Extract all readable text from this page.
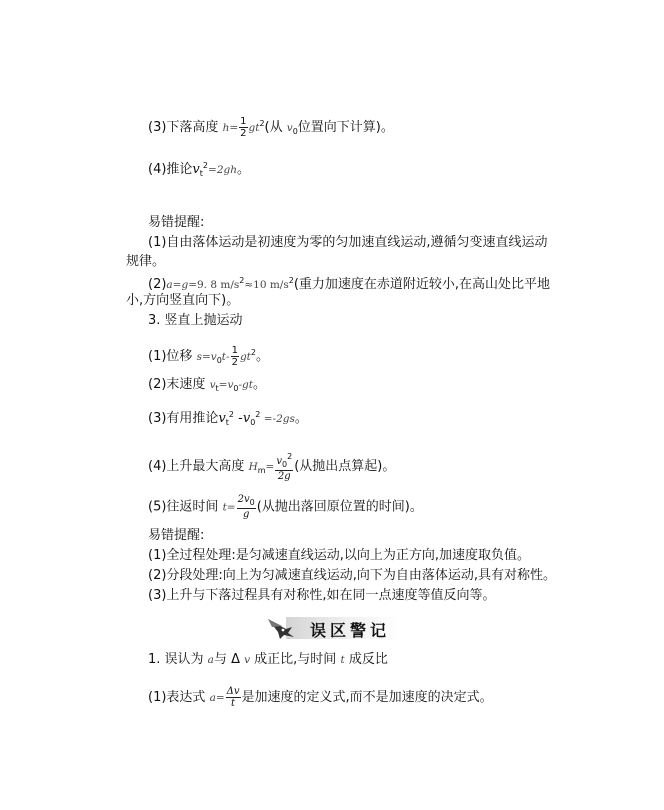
(3)下落高度 $h= \frac{1}{2} gt^2$(从 $v_0$位置向下计算)。
(4)推论$v_t^2=2gh$。
易错提醒:
(1)自由落体运动是初速度为零的匀加速直线运动,遵循匀变速直线运动
规律。
(2)a=g=9. 8 $m/s^2\approx 10$ $m/s^2$(重力加速度在赤道附近较小,在高山处比平地
小,方向竖直向下)。
3. 竖直上抛运动
(1)位移 $s=v_0t- \frac{1}{2} gt^2$。
(2)末速度 $v_t=v_0-gt$。
(3)有用推论$v_t^2$ $-v_0^2 =-2gs$。
(4)上升最大高度 $H_m= \frac{v_0^2}{2g}$ (从抛出点算起)。
(5)往返时间 $t= \frac{2v_0}{g}$ (从抛出落回原位置的时间)。
易错提醒:
(1)全过程处理:是匀减速直线运动,以向上为正方向,加速度取负值。
(2)分段处理:向上为匀减速直线运动,向下为自由落体运动,具有对称性。
(3)上升与下落过程具有对称性,如在同一点速度等值反向等。
误区警记
1. 误认为 a与 Δ v 成正比,与时间 t 成反比
(1)表达式 $a= \frac{\Delta v}{t}$ 是加速度的定义式,而不是加速度的决定式。
